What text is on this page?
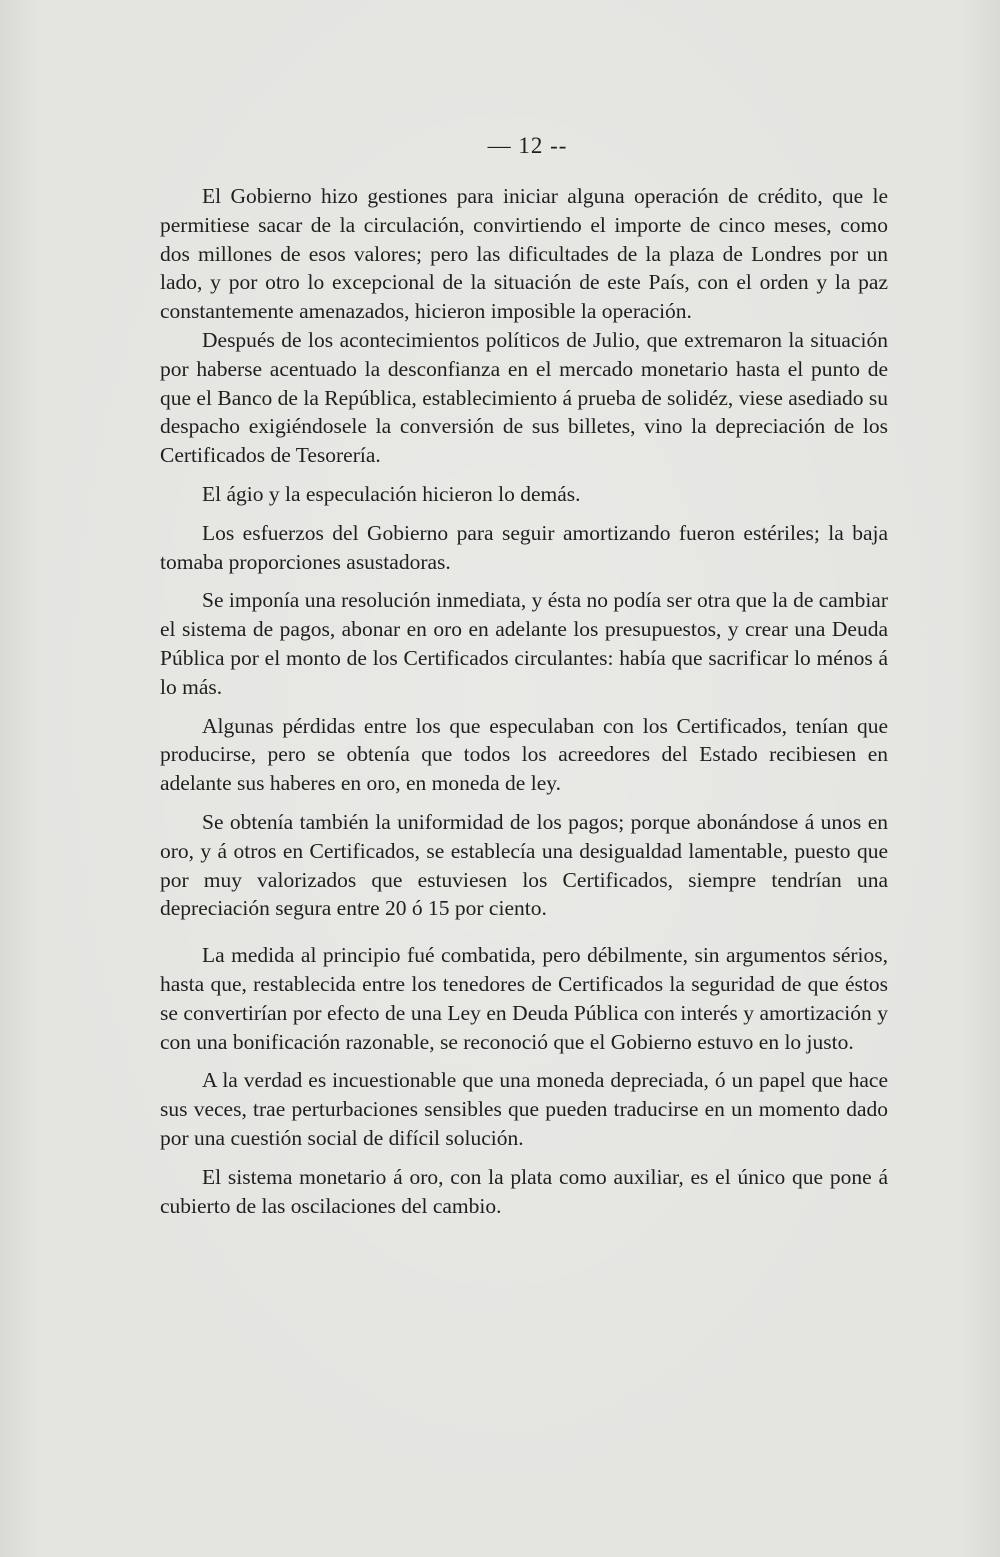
— 12 --

El Gobierno hizo gestiones para iniciar alguna operación de crédito, que le permitiese sacar de la circulación, convirtiendo el importe de cinco meses, como dos millones de esos valores; pero las dificultades de la plaza de Londres por un lado, y por otro lo excepcional de la situación de este País, con el orden y la paz constantemente amenazados, hicieron imposible la operación.

Después de los acontecimientos políticos de Julio, que extremaron la situación por haberse acentuado la desconfianza en el mercado monetario hasta el punto de que el Banco de la República, establecimiento á prueba de solidéz, viese asediado su despacho exigiéndosele la conversión de sus billetes, vino la depreciación de los Certificados de Tesorería.

El ágio y la especulación hicieron lo demás.

Los esfuerzos del Gobierno para seguir amortizando fueron estériles; la baja tomaba proporciones asustadoras.

Se imponía una resolución inmediata, y ésta no podía ser otra que la de cambiar el sistema de pagos, abonar en oro en adelante los presupuestos, y crear una Deuda Pública por el monto de los Certificados circulantes: había que sacrificar lo ménos á lo más.

Algunas pérdidas entre los que especulaban con los Certificados, tenían que producirse, pero se obtenía que todos los acreedores del Estado recibiesen en adelante sus haberes en oro, en moneda de ley.

Se obtenía también la uniformidad de los pagos; porque abonándose á unos en oro, y á otros en Certificados, se establecía una desigualdad lamentable, puesto que por muy valorizados que estuviesen los Certificados, siempre tendrían una depreciación segura entre 20 ó 15 por ciento.

La medida al principio fué combatida, pero débilmente, sin argumentos sérios, hasta que, restablecida entre los tenedores de Certificados la seguridad de que éstos se convertirían por efecto de una Ley en Deuda Pública con interés y amortización y con una bonificación razonable, se reconoció que el Gobierno estuvo en lo justo.

A la verdad es incuestionable que una moneda depreciada, ó un papel que hace sus veces, trae perturbaciones sensibles que pueden traducirse en un momento dado por una cuestión social de difícil solución.

El sistema monetario á oro, con la plata como auxiliar, es el único que pone á cubierto de las oscilaciones del cambio.
